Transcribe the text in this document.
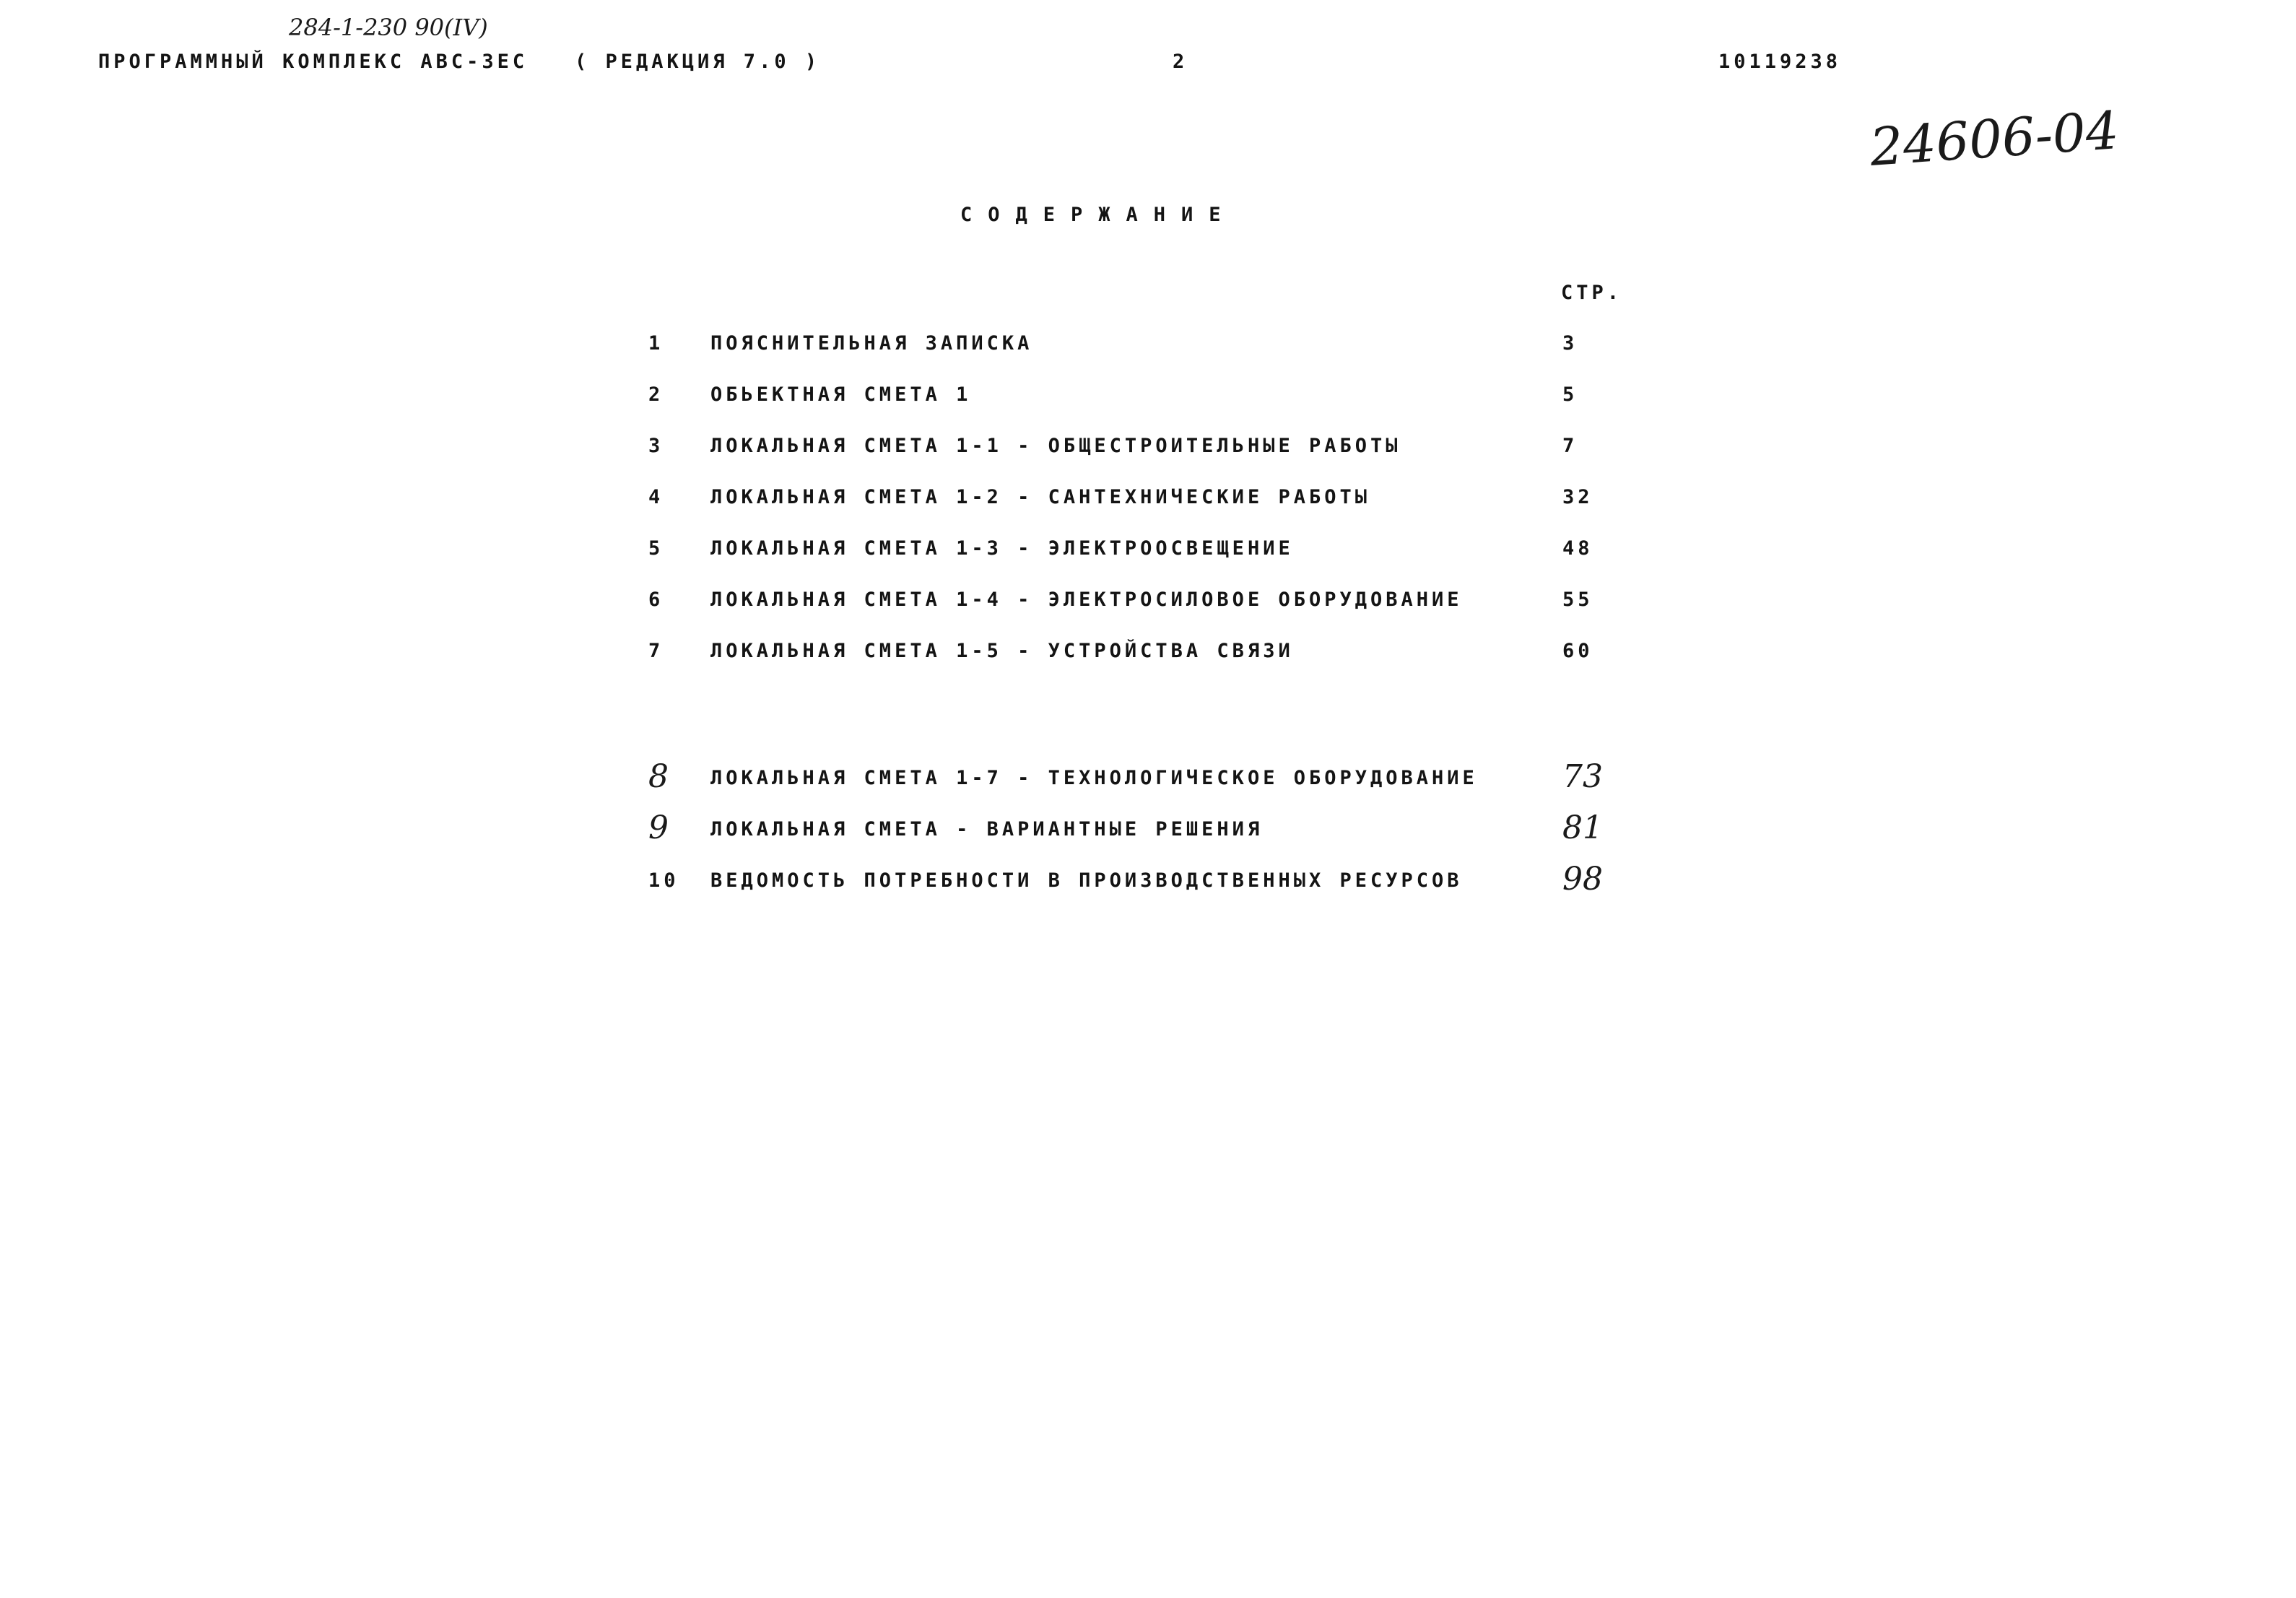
284-1-230 90(IV)
ПРОГРАММНЫЙ КОМПЛЕКС АВС-3ЕС ( РЕДАКЦИЯ 7.0 )	2	10119238
24606-04
СОДЕРЖАНИЕ
СТР.
1 ПОЯСНИТЕЛЬНАЯ ЗАПИСКА	3
2 ОБЬЕКТНАЯ СМЕТА 1	5
3 ЛОКАЛЬНАЯ СМЕТА 1-1 - ОБЩЕСТРОИТЕЛЬНЫЕ РАБОТЫ	7
4 ЛОКАЛЬНАЯ СМЕТА 1-2 - САНТЕХНИЧЕСКИЕ РАБОТЫ	32
5 ЛОКАЛЬНАЯ СМЕТА 1-3 - ЭЛЕКТРООСВЕЩЕНИЕ	48
6 ЛОКАЛЬНАЯ СМЕТА 1-4 - ЭЛЕКТРОСИЛОВОЕ ОБОРУДОВАНИЕ	55
7 ЛОКАЛЬНАЯ СМЕТА 1-5 - УСТРОЙСТВА СВЯЗИ	60
8 ЛОКАЛЬНАЯ СМЕТА 1-7 - ТЕХНОЛОГИЧЕСКОЕ ОБОРУДОВАНИЕ	73
9 ЛОКАЛЬНАЯ СМЕТА - ВАРИАНТНЫЕ РЕШЕНИЯ	81
10 ВЕДОМОСТЬ ПОТРЕБНОСТИ В ПРОИЗВОДСТВЕННЫХ РЕСУРСОВ	98
